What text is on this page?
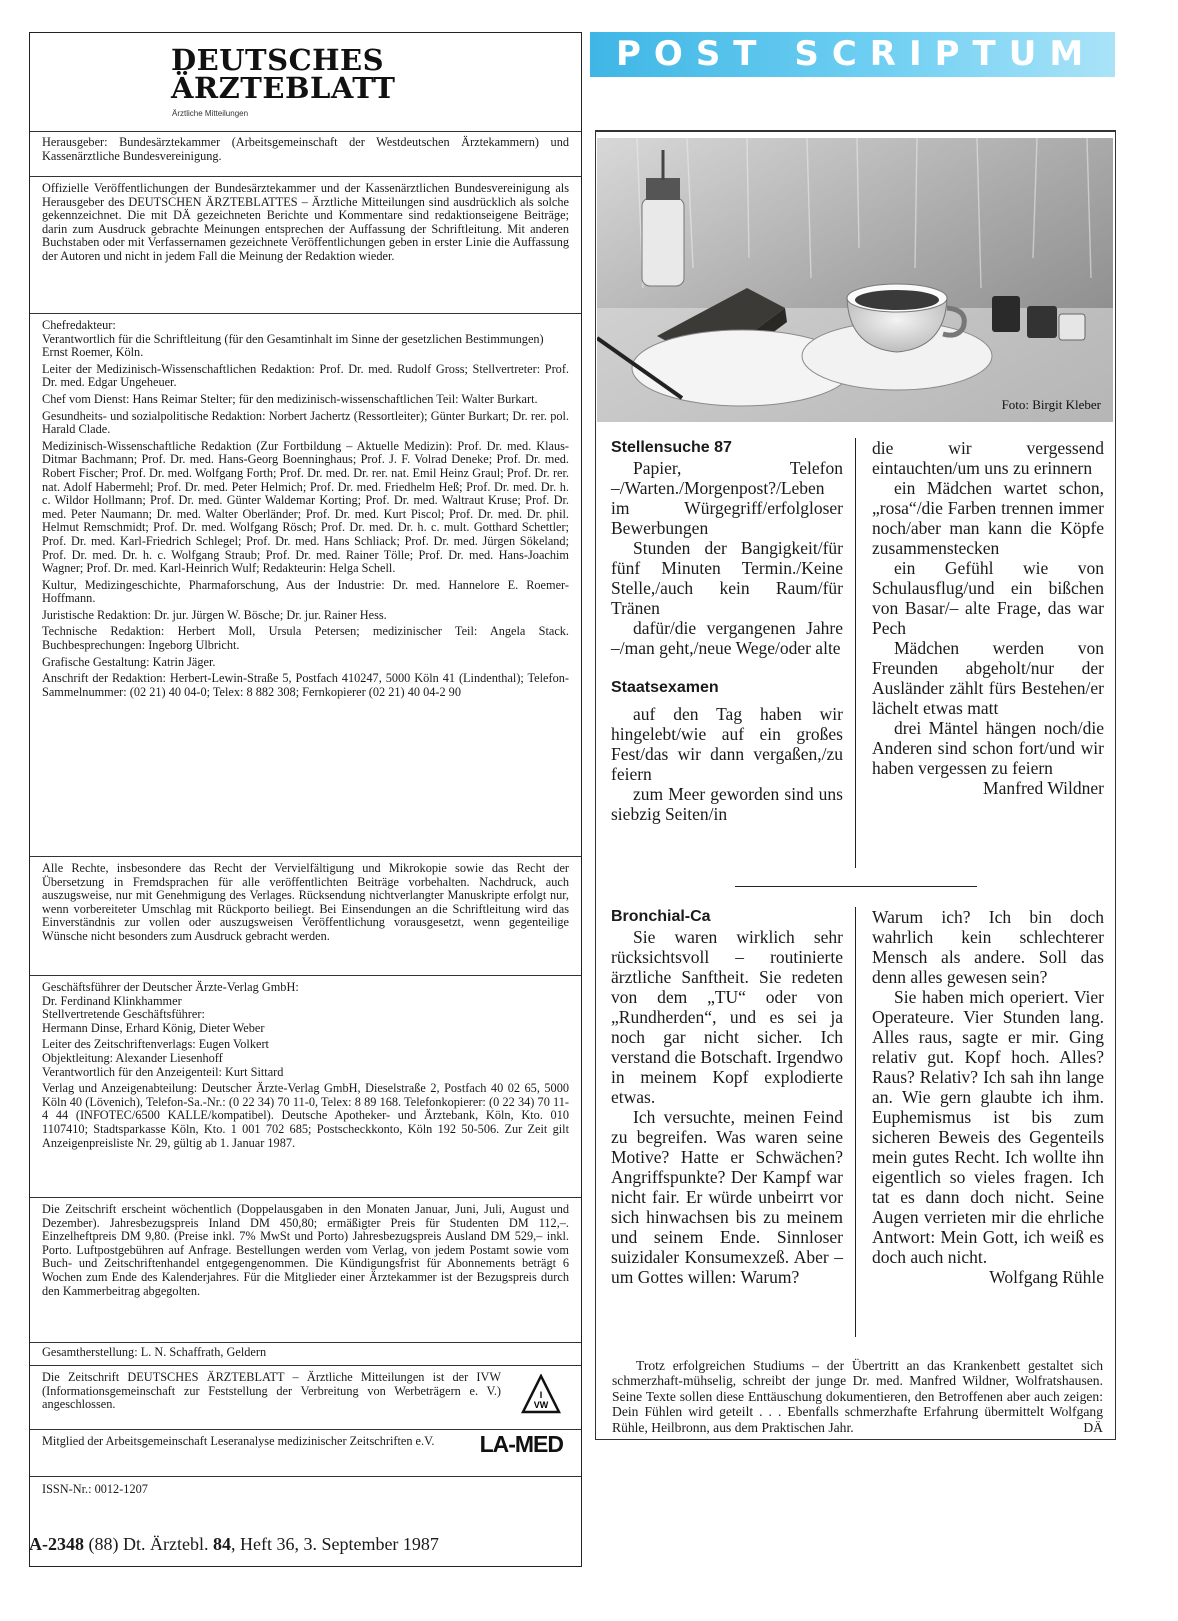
DEUTSCHES
ÄRZTEBLATT
Ärztliche Mitteilungen

Herausgeber: Bundesärztekammer (Arbeitsgemeinschaft der Westdeutschen Ärztekammern) und Kassenärztliche Bundesvereinigung.

Offizielle Veröffentlichungen der Bundesärztekammer und der Kassenärztlichen Bundesvereinigung als Herausgeber des DEUTSCHEN ÄRZTEBLATTES – Ärztliche Mitteilungen sind ausdrücklich als solche gekennzeichnet. Die mit DÄ gezeichneten Berichte und Kommentare sind redaktionseigene Beiträge; darin zum Ausdruck gebrachte Meinungen entsprechen der Auffassung der Schriftleitung. Mit anderen Buchstaben oder mit Verfassernamen gezeichnete Veröffentlichungen geben in erster Linie die Auffassung der Autoren und nicht in jedem Fall die Meinung der Redaktion wieder.

Chefredakteur:

Verantwortlich für die Schriftleitung (für den Gesamtinhalt im Sinne der gesetzlichen Bestimmungen)

Ernst Roemer, Köln.

Leiter der Medizinisch-Wissenschaftlichen Redaktion: Prof. Dr. med. Rudolf Gross; Stellvertreter: Prof. Dr. med. Edgar Ungeheuer.

Chef vom Dienst: Hans Reimar Stelter; für den medizinisch-wissenschaftlichen Teil: Walter Burkart.

Gesundheits- und sozialpolitische Redaktion: Norbert Jachertz (Ressortleiter); Günter Burkart; Dr. rer. pol. Harald Clade.

Medizinisch-Wissenschaftliche Redaktion (Zur Fortbildung – Aktuelle Medizin): Prof. Dr. med. Klaus-Ditmar Bachmann; Prof. Dr. med. Hans-Georg Boenninghaus; Prof. J. F. Volrad Deneke; Prof. Dr. med. Robert Fischer; Prof. Dr. med. Wolfgang Forth; Prof. Dr. med. Dr. rer. nat. Emil Heinz Graul; Prof. Dr. rer. nat. Adolf Habermehl; Prof. Dr. med. Peter Helmich; Prof. Dr. med. Friedhelm Heß; Prof. Dr. med. Dr. h. c. Wildor Hollmann; Prof. Dr. med. Günter Waldemar Korting; Prof. Dr. med. Waltraut Kruse; Prof. Dr. med. Peter Naumann; Dr. med. Walter Oberländer; Prof. Dr. med. Kurt Piscol; Prof. Dr. med. Dr. phil. Helmut Remschmidt; Prof. Dr. med. Wolfgang Rösch; Prof. Dr. med. Dr. h. c. mult. Gotthard Schettler; Prof. Dr. med. Karl-Friedrich Schlegel; Prof. Dr. med. Hans Schliack; Prof. Dr. med. Jürgen Sökeland; Prof. Dr. med. Dr. h. c. Wolfgang Straub; Prof. Dr. med. Rainer Tölle; Prof. Dr. med. Hans-Joachim Wagner; Prof. Dr. med. Karl-Heinrich Wulf; Redakteurin: Helga Schell.

Kultur, Medizingeschichte, Pharmaforschung, Aus der Industrie: Dr. med. Hannelore E. Roemer-Hoffmann.

Juristische Redaktion: Dr. jur. Jürgen W. Bösche; Dr. jur. Rainer Hess.

Technische Redaktion: Herbert Moll, Ursula Petersen; medizinischer Teil: Angela Stack. Buchbesprechungen: Ingeborg Ulbricht.

Grafische Gestaltung: Katrin Jäger.

Anschrift der Redaktion: Herbert-Lewin-Straße 5, Postfach 410247, 5000 Köln 41 (Lindenthal); Telefon-Sammelnummer: (02 21) 40 04-0; Telex: 8 882 308; Fernkopierer (02 21) 40 04-2 90

Alle Rechte, insbesondere das Recht der Vervielfältigung und Mikrokopie sowie das Recht der Übersetzung in Fremdsprachen für alle veröffentlichten Beiträge vorbehalten. Nachdruck, auch auszugsweise, nur mit Genehmigung des Verlages. Rücksendung nichtverlangter Manuskripte erfolgt nur, wenn vorbereiteter Umschlag mit Rückporto beiliegt. Bei Einsendungen an die Schriftleitung wird das Einverständnis zur vollen oder auszugsweisen Veröffentlichung vorausgesetzt, wenn gegenteilige Wünsche nicht besonders zum Ausdruck gebracht werden.

Geschäftsführer der Deutscher Ärzte-Verlag GmbH:

Dr. Ferdinand Klinkhammer

Stellvertretende Geschäftsführer:

Hermann Dinse, Erhard König, Dieter Weber

Leiter des Zeitschriftenverlags: Eugen Volkert

Objektleitung: Alexander Liesenhoff

Verantwortlich für den Anzeigenteil: Kurt Sittard

Verlag und Anzeigenabteilung: Deutscher Ärzte-Verlag GmbH, Dieselstraße 2, Postfach 40 02 65, 5000 Köln 40 (Lövenich), Telefon-Sa.-Nr.: (0 22 34) 70 11-0, Telex: 8 89 168. Telefonkopierer: (0 22 34) 70 11-4 44 (INFOTEC/6500 KALLE/kompatibel). Deutsche Apotheker- und Ärztebank, Köln, Kto. 010 1107410; Stadtsparkasse Köln, Kto. 1 001 702 685; Postscheckkonto, Köln 192 50-506. Zur Zeit gilt Anzeigenpreisliste Nr. 29, gültig ab 1. Januar 1987.

Die Zeitschrift erscheint wöchentlich (Doppelausgaben in den Monaten Januar, Juni, Juli, August und Dezember). Jahresbezugspreis Inland DM 450,80; ermäßigter Preis für Studenten DM 112,–. Einzelheftpreis DM 9,80. (Preise inkl. 7% MwSt und Porto) Jahresbezugspreis Ausland DM 529,– inkl. Porto. Luftpostgebühren auf Anfrage. Bestellungen werden vom Verlag, von jedem Postamt sowie vom Buch- und Zeitschriftenhandel entgegengenommen. Die Kündigungsfrist für Abonnements beträgt 6 Wochen zum Ende des Kalenderjahres. Für die Mitglieder einer Ärztekammer ist der Bezugspreis durch den Kammerbeitrag abgegolten.

Gesamtherstellung: L. N. Schaffrath, Geldern

Die Zeitschrift DEUTSCHES ÄRZTEBLATT – Ärztliche Mitteilungen ist der IVW (Informationsgemeinschaft zur Feststellung der Verbreitung von Werbeträgern e. V.) angeschlossen.

I
VW

Mitglied der Arbeitsgemeinschaft Leseranalyse medizinischer Zeitschriften e.V.	LA-MED

ISSN-Nr.: 0012-1207

A-2348 (88) Dt. Ärztebl. 84, Heft 36, 3. September 1987
POST SCRIPTUM
Foto: Birgit Kleber
Stellensuche 87

Papier, Telefon –/Warten./Morgenpost?/Leben im Würgegriff/erfolgloser Bewerbungen

Stunden der Bangigkeit/für fünf Minuten Termin./Keine Stelle,/auch kein Raum/für Tränen

dafür/die vergangenen Jahre –/man geht,/neue Wege/oder alte

Staatsexamen

auf den Tag haben wir hingelebt/wie auf ein großes Fest/das wir dann vergaßen,/zu feiern

zum Meer geworden sind uns siebzig Seiten/in

die wir vergessend eintauchten/um uns zu erinnern

ein Mädchen wartet schon, „rosa“/die Farben trennen immer noch/aber man kann die Köpfe zusammenstecken

ein Gefühl wie von Schulausflug/und ein bißchen von Basar/– alte Frage, das war Pech

Mädchen werden von Freunden abgeholt/nur der Ausländer zählt fürs Bestehen/er lächelt etwas matt

drei Mäntel hängen noch/die Anderen sind schon fort/und wir haben vergessen zu feiern

Manfred Wildner

Bronchial-Ca

Sie waren wirklich sehr rücksichtsvoll – routinierte ärztliche Sanftheit. Sie redeten von dem „TU“ oder von „Rundherden“, und es sei ja noch gar nicht sicher. Ich verstand die Botschaft. Irgendwo in meinem Kopf explodierte etwas.

Ich versuchte, meinen Feind zu begreifen. Was waren seine Motive? Hatte er Schwächen? Angriffspunkte? Der Kampf war nicht fair. Er würde unbeirrt vor sich hinwachsen bis zu meinem und seinem Ende. Sinnloser suizidaler Konsumexzeß. Aber – um Gottes willen: Warum?

Warum ich? Ich bin doch wahrlich kein schlechterer Mensch als andere. Soll das denn alles gewesen sein?

Sie haben mich operiert. Vier Operateure. Vier Stunden lang. Alles raus, sagte er mir. Ging relativ gut. Kopf hoch. Alles? Raus? Relativ? Ich sah ihn lange an. Wie gern glaubte ich ihm. Euphemismus ist bis zum sicheren Beweis des Gegenteils mein gutes Recht. Ich wollte ihn eigentlich so vieles fragen. Ich tat es dann doch nicht. Seine Augen verrieten mir die ehrliche Antwort: Mein Gott, ich weiß es doch auch nicht.

Wolfgang Rühle

Trotz erfolgreichen Studiums – der Übertritt an das Krankenbett gestaltet sich schmerzhaft-mühselig, schreibt der junge Dr. med. Manfred Wildner, Wolfratshausen. Seine Texte sollen diese Enttäuschung dokumentieren, den Betroffenen aber auch zeigen: Dein Fühlen wird geteilt . . . Ebenfalls schmerzhafte Erfahrung übermittelt Wolfgang Rühle, Heilbronn, aus dem Praktischen Jahr.	DÄ
